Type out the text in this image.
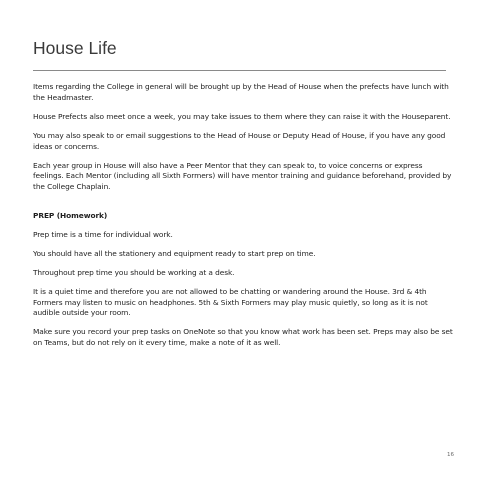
House Life

Items regarding the College in general will be brought up by the Head of House when the prefects have lunch with the Headmaster.

House Prefects also meet once a week, you may take issues to them where they can raise it with the Houseparent.

You may also speak to or email suggestions to the Head of House or Deputy Head of House, if you have any good ideas or concerns.

Each year group in House will also have a Peer Mentor that they can speak to, to voice concerns or express feelings. Each Mentor (including all Sixth Formers) will have mentor training and guidance beforehand, provided by the College Chaplain.

PREP (Homework)

Prep time is a time for individual work.

You should have all the stationery and equipment ready to start prep on time.

Throughout prep time you should be working at a desk.

It is a quiet time and therefore you are not allowed to be chatting or wandering around the House. 3rd & 4th Formers may listen to music on headphones. 5th & Sixth Formers may play music quietly, so long as it is not audible outside your room.

Make sure you record your prep tasks on OneNote so that you know what work has been set. Preps may also be set on Teams, but do not rely on it every time, make a note of it as well.

16
